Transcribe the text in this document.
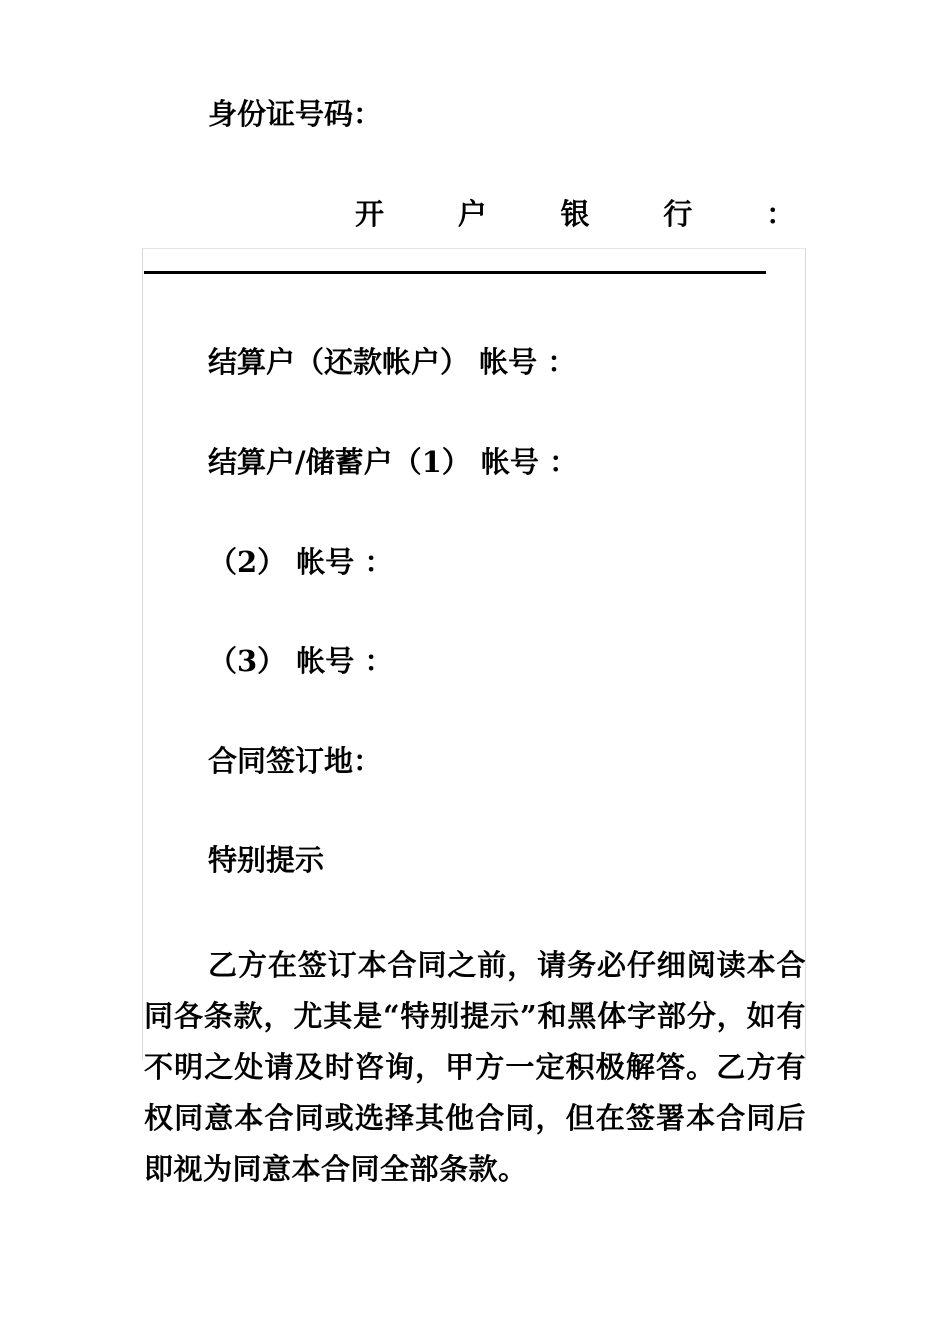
身份证号码：
开	户	银	行	：
结算户（还款帐户） 帐号 ：
结算户/储蓄户（1） 帐号 ：
（2） 帐号 ：
（3） 帐号 ：
合同签订地：
特别提示
乙方在签订本合同之前，请务必仔细阅读本合同各条款，尤其是“特别提示”和黑体字部分，如有不明之处请及时咨询，甲方一定积极解答。乙方有权同意本合同或选择其他合同，但在签署本合同后即视为同意本合同全部条款。
